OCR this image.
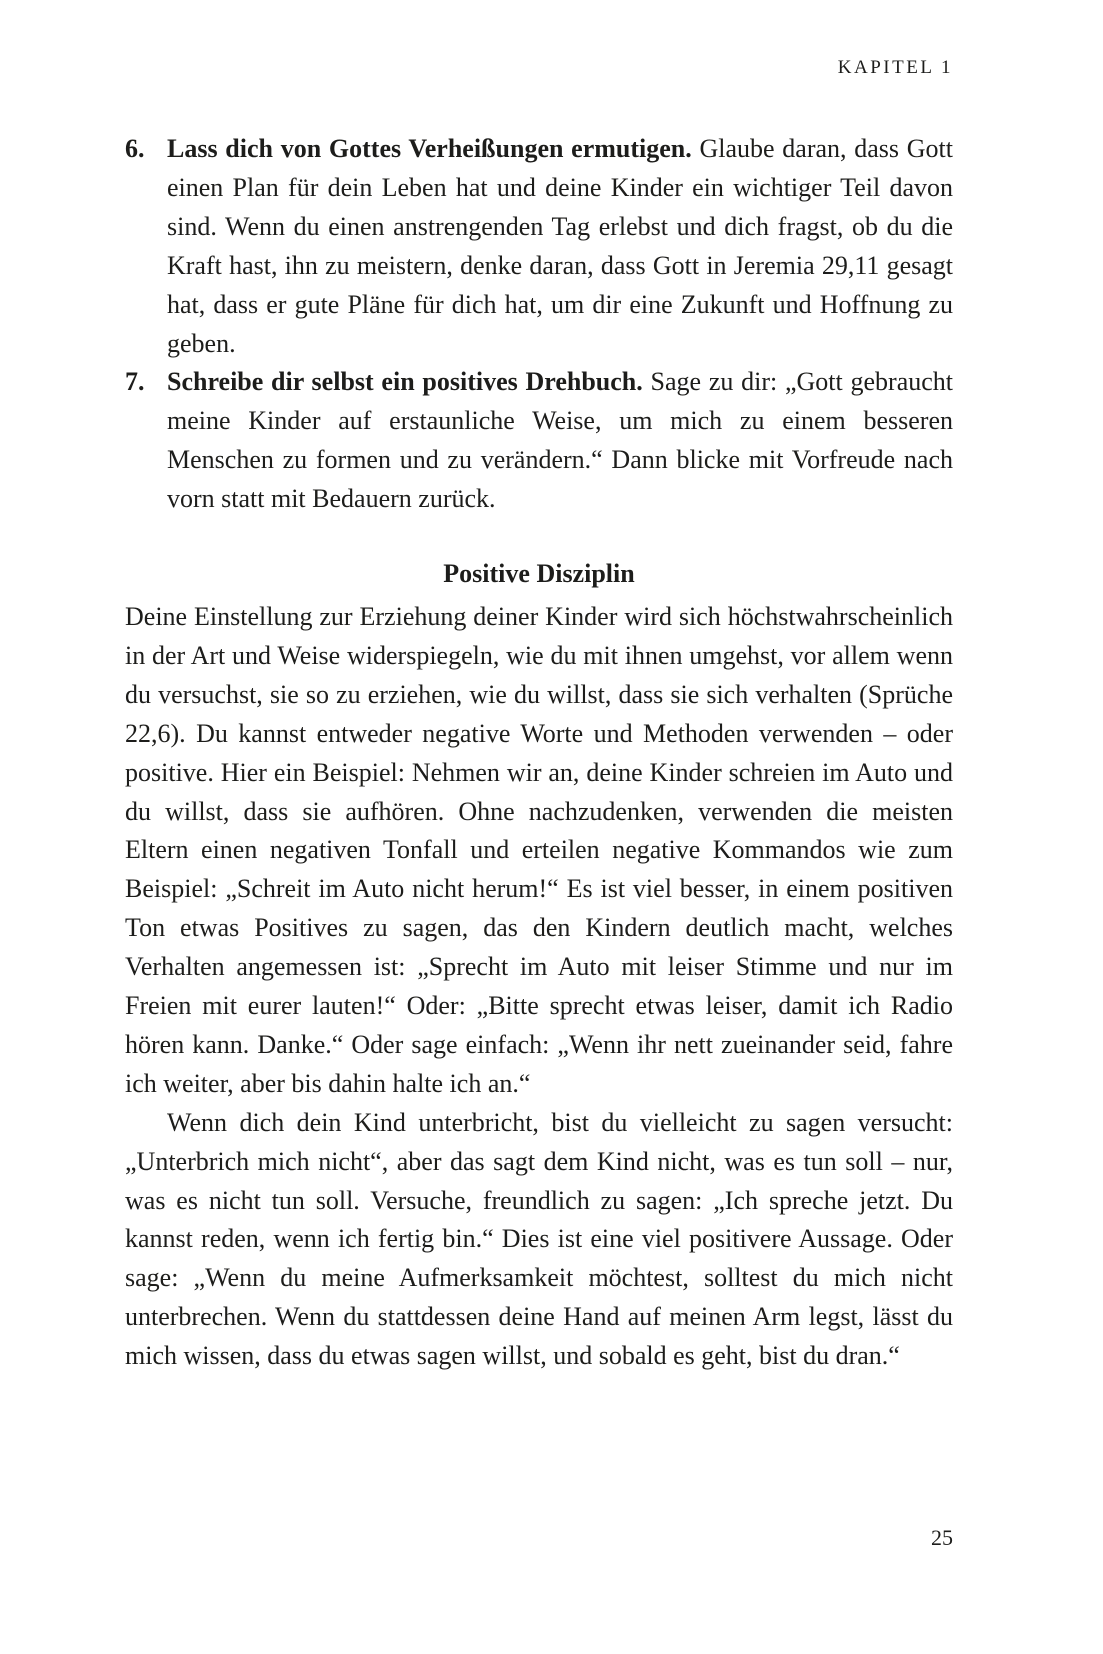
KAPITEL 1
6. Lass dich von Gottes Verheißungen ermutigen. Glaube daran, dass Gott einen Plan für dein Leben hat und deine Kinder ein wichtiger Teil davon sind. Wenn du einen anstrengenden Tag erlebst und dich fragst, ob du die Kraft hast, ihn zu meistern, denke daran, dass Gott in Jeremia 29,11 gesagt hat, dass er gute Pläne für dich hat, um dir eine Zukunft und Hoffnung zu geben.
7. Schreibe dir selbst ein positives Drehbuch. Sage zu dir: „Gott gebraucht meine Kinder auf erstaunliche Weise, um mich zu einem besseren Menschen zu formen und zu verändern.“ Dann blicke mit Vorfreude nach vorn statt mit Bedauern zurück.
Positive Disziplin

Deine Einstellung zur Erziehung deiner Kinder wird sich höchstwahrscheinlich in der Art und Weise widerspiegeln, wie du mit ihnen umgehst, vor allem wenn du versuchst, sie so zu erziehen, wie du willst, dass sie sich verhalten (Sprüche 22,6). Du kannst entweder negative Worte und Methoden verwenden – oder positive. Hier ein Beispiel: Nehmen wir an, deine Kinder schreien im Auto und du willst, dass sie aufhören. Ohne nachzudenken, verwenden die meisten Eltern einen negativen Tonfall und erteilen negative Kommandos wie zum Beispiel: „Schreit im Auto nicht herum!“ Es ist viel besser, in einem positiven Ton etwas Positives zu sagen, das den Kindern deutlich macht, welches Verhalten angemessen ist: „Sprecht im Auto mit leiser Stimme und nur im Freien mit eurer lauten!“ Oder: „Bitte sprecht etwas leiser, damit ich Radio hören kann. Danke.“ Oder sage einfach: „Wenn ihr nett zueinander seid, fahre ich weiter, aber bis dahin halte ich an.“

Wenn dich dein Kind unterbricht, bist du vielleicht zu sagen versucht: „Unterbrich mich nicht“, aber das sagt dem Kind nicht, was es tun soll – nur, was es nicht tun soll. Versuche, freundlich zu sagen: „Ich spreche jetzt. Du kannst reden, wenn ich fertig bin.“ Dies ist eine viel positivere Aussage. Oder sage: „Wenn du meine Aufmerksamkeit möchtest, solltest du mich nicht unterbrechen. Wenn du stattdessen deine Hand auf meinen Arm legst, lässt du mich wissen, dass du etwas sagen willst, und sobald es geht, bist du dran.“

25
